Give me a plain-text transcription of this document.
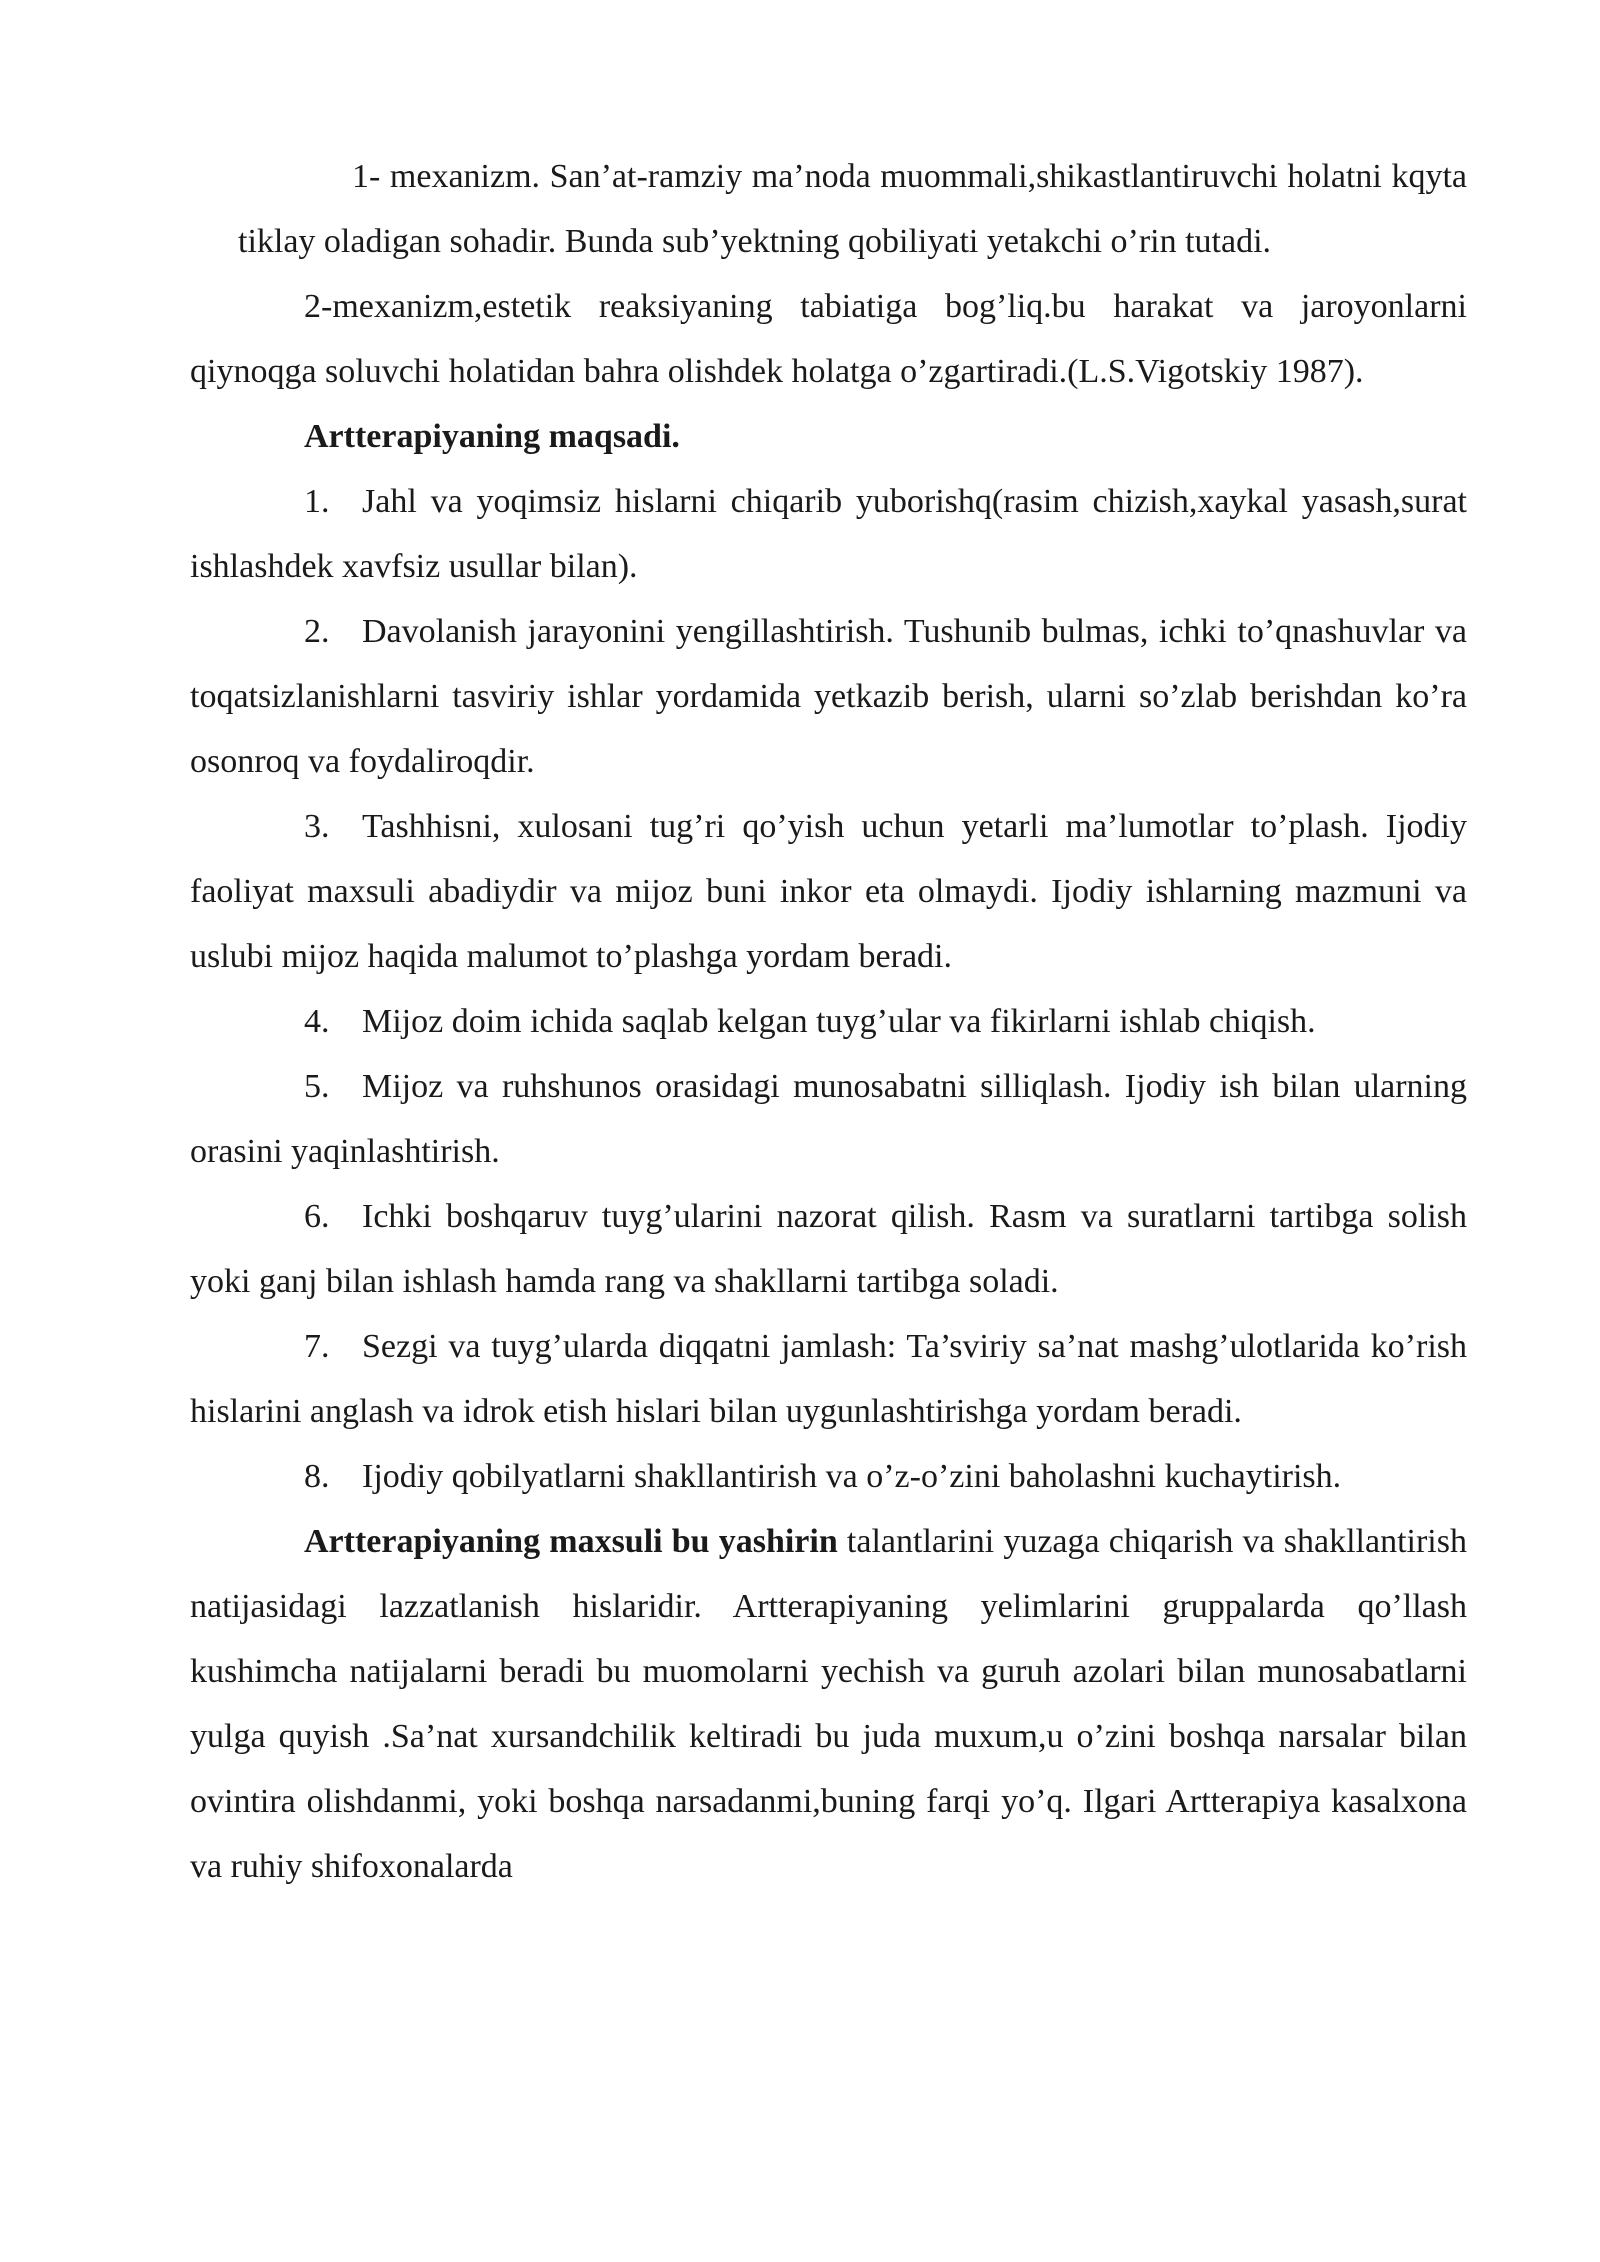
1- mexanizm. San’at-ramziy ma’noda muommali,shikastlantiruvchi holatni kqyta tiklay oladigan sohadir. Bunda sub’yektning qobiliyati yetakchi o’rin tutadi.

2-mexanizm,estetik reaksiyaning tabiatiga bog’liq.bu harakat va jaroyonlarni qiynoqga soluvchi holatidan bahra olishdek holatga o’zgartiradi.(L.S.Vigotskiy 1987).

Artterapiyaning maqsadi.

1. Jahl va yoqimsiz hislarni chiqarib yuborishq(rasim chizish,xaykal yasash,surat ishlashdek xavfsiz usullar bilan).

2. Davolanish jarayonini yengillashtirish. Tushunib bulmas, ichki to’qnashuvlar va toqatsizlanishlarni tasviriy ishlar yordamida yetkazib berish, ularni so’zlab berishdan ko’ra osonroq va foydaliroqdir.

3. Tashhisni, xulosani tug’ri qo’yish uchun yetarli ma’lumotlar to’plash. Ijodiy faoliyat maxsuli abadiydir va mijoz buni inkor eta olmaydi. Ijodiy ishlarning mazmuni va uslubi mijoz haqida malumot to’plashga yordam beradi.

4. Mijoz doim ichida saqlab kelgan tuyg’ular va fikirlarni ishlab chiqish.

5. Mijoz va ruhshunos orasidagi munosabatni silliqlash. Ijodiy ish bilan ularning orasini yaqinlashtirish.

6. Ichki boshqaruv tuyg’ularini nazorat qilish. Rasm va suratlarni tartibga solish yoki ganj bilan ishlash hamda rang va shakllarni tartibga soladi.

7. Sezgi va tuyg’ularda diqqatni jamlash: Ta’sviriy sa’nat mashg’ulotlarida ko’rish hislarini anglash va idrok etish hislari bilan uygunlashtirishga yordam beradi.

8. Ijodiy qobilyatlarni shakllantirish va o’z-o’zini baholashni kuchaytirish.

Artterapiyaning maxsuli bu yashirin talantlarini yuzaga chiqarish va shakllantirish natijasidagi lazzatlanish hislaridir. Artterapiyaning yelimlarini gruppalarda qo’llash kushimcha natijalarni beradi bu muomolarni yechish va guruh azolari bilan munosabatlarni yulga quyish .Sa’nat xursandchilik keltiradi bu juda muxum,u o’zini boshqa narsalar bilan ovintira olishdanmi, yoki boshqa narsadanmi,buning farqi yo’q. Ilgari Artterapiya kasalxona va ruhiy shifoxonalarda
